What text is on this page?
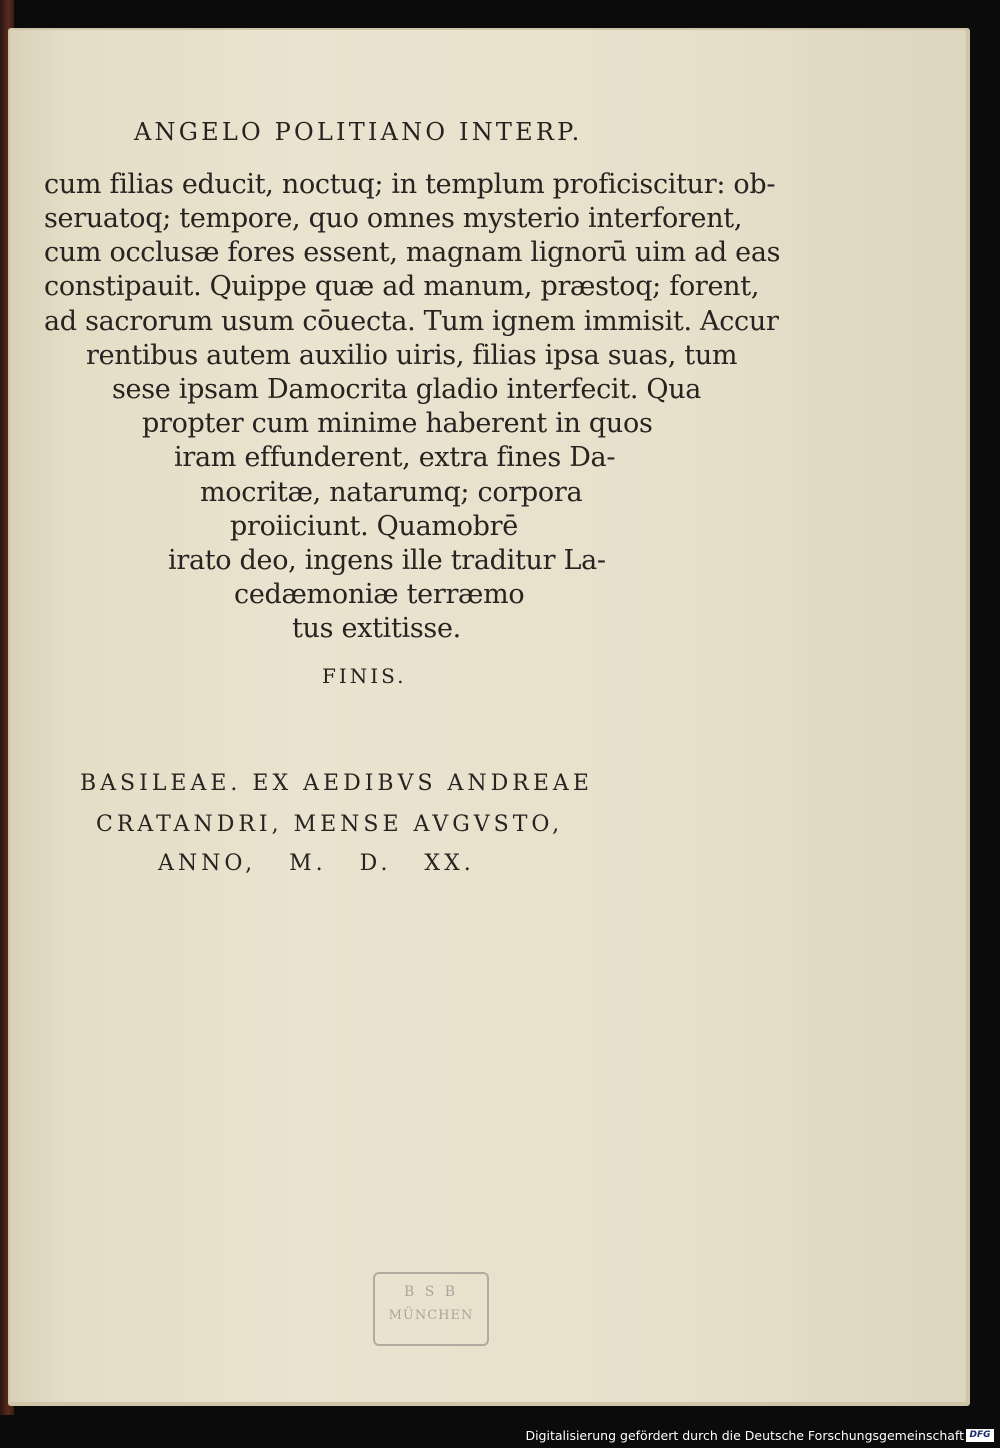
ANGELO POLITIANO INTERP.
cum filias educit, noctuq; in templum proficiscitur: ob-
seruatoq; tempore, quo omnes mysterio interforent,
cum occlusæ fores essent, magnam lignorū uim ad eas
constipauit. Quippe quæ ad manum, præstoq; forent,
ad sacrorum usum cōuecta. Tum ignem immisit. Accur
rentibus autem auxilio uiris, filias ipsa suas, tum
sese ipsam Damocrita gladio interfecit. Qua
propter cum minime haberent in quos
iram effunderent, extra fines Da-
mocritæ, natarumq; corpora
proiiciunt. Quamobrē
irato deo, ingens ille traditur La-
cedæmoniæ terræmo
tus extitisse.
FINIS.
BASILEAE. EX AEDIBVS ANDREAE
CRATANDRI, MENSE AVGVSTO,
ANNO,   M.   D.   XX.
B S B
MÜNCHEN
Digitalisierung gefördert durch die Deutsche Forschungsgemeinschaft DFG
